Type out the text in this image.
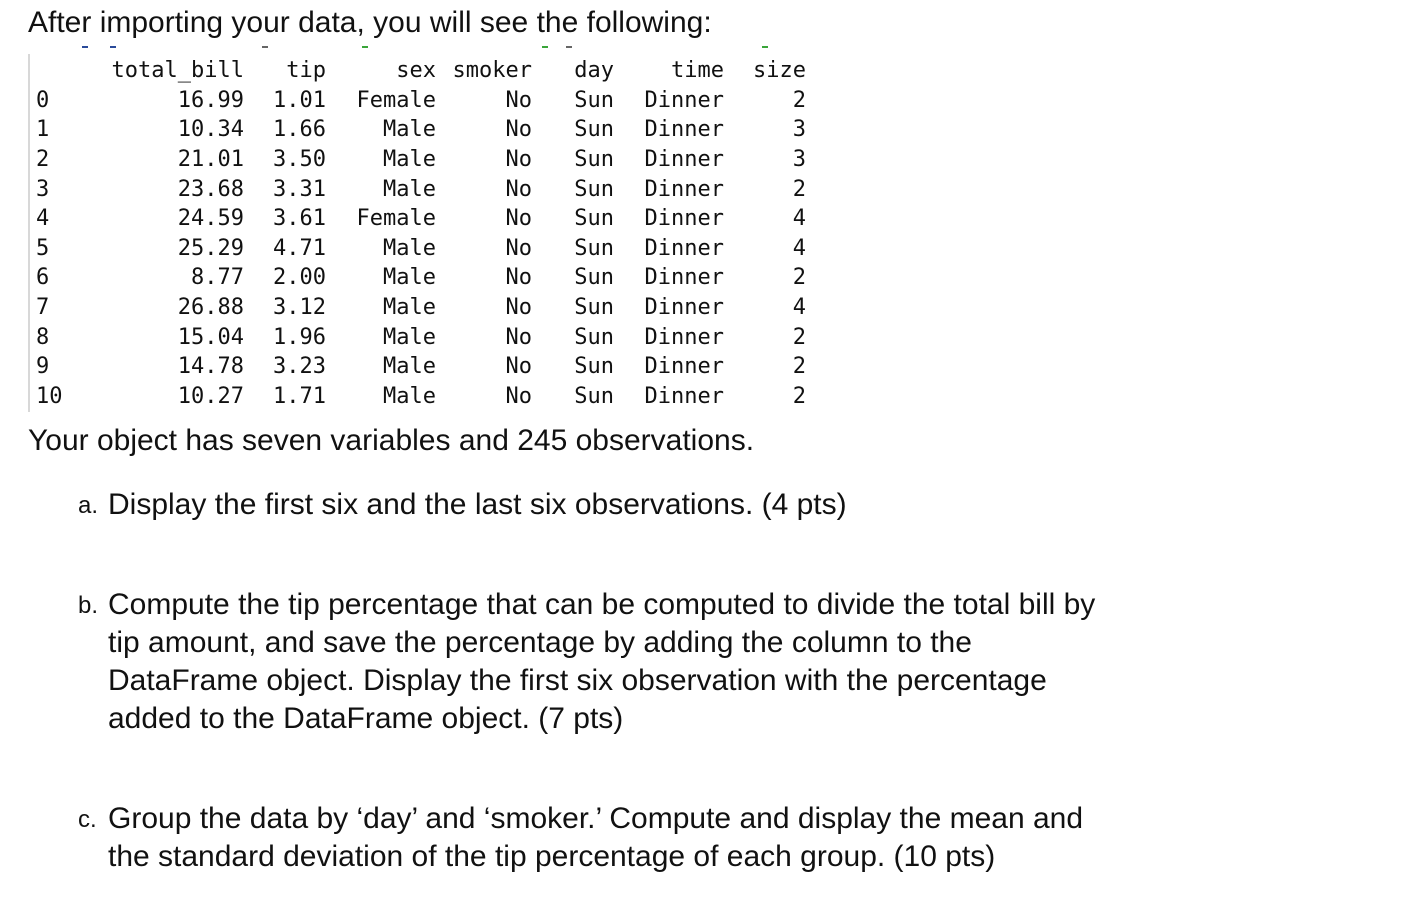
After importing your data, you will see the following:
	total_bill	tip	sex	smoker	day	time	size
0	16.99	1.01	Female	No	Sun	Dinner	2
1	10.34	1.66	Male	No	Sun	Dinner	3
2	21.01	3.50	Male	No	Sun	Dinner	3
3	23.68	3.31	Male	No	Sun	Dinner	2
4	24.59	3.61	Female	No	Sun	Dinner	4
5	25.29	4.71	Male	No	Sun	Dinner	4
6	8.77	2.00	Male	No	Sun	Dinner	2
7	26.88	3.12	Male	No	Sun	Dinner	4
8	15.04	1.96	Male	No	Sun	Dinner	2
9	14.78	3.23	Male	No	Sun	Dinner	2
10	10.27	1.71	Male	No	Sun	Dinner	2
Your object has seven variables and 245 observations.
a. Display the first six and the last six observations. (4 pts)
b. Compute the tip percentage that can be computed to divide the total bill by
tip amount, and save the percentage by adding the column to the
DataFrame object. Display the first six observation with the percentage
added to the DataFrame object. (7 pts)
c. Group the data by ‘day’ and ‘smoker.’ Compute and display the mean and
the standard deviation of the tip percentage of each group. (10 pts)
